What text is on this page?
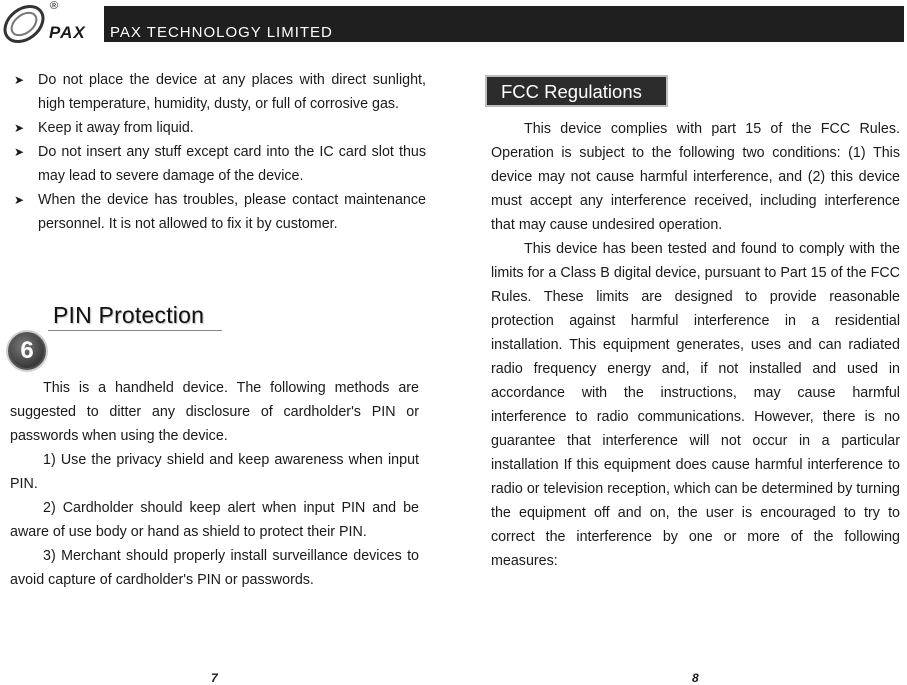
®
PAX PAX TECHNOLOGY LIMITED
➤ Do not place the device at any places with direct sunlight, high temperature, humidity, dusty, or full of corrosive gas.
➤ Keep it away from liquid.
➤ Do not insert any stuff except card into the IC card slot thus may lead to severe damage of the device.
➤ When the device has troubles, please contact maintenance personnel. It is not allowed to fix it by customer.
PIN Protection
6

This is a handheld device. The following methods are suggested to ditter any disclosure of cardholder's PIN or passwords when using the device.

1) Use the privacy shield and keep awareness when input PIN.

2) Cardholder should keep alert when input PIN and be aware of use body or hand as shield to protect their PIN.

3) Merchant should properly install surveillance devices to avoid capture of cardholder's PIN or passwords.

FCC Regulations

This device complies with part 15 of the FCC Rules. Operation is subject to the following two conditions: (1) This device may not cause harmful interference, and (2) this device must accept any interference received, including interference that may cause undesired operation.

This device has been tested and found to comply with the limits for a Class B digital device, pursuant to Part 15 of the FCC Rules. These limits are designed to provide reasonable protection against harmful interference in a residential installation. This equipment generates, uses and can radiated radio frequency energy and, if not installed and used in accordance with the instructions, may cause harmful interference to radio communications. However, there is no guarantee that interference will not occur in a particular installation If this equipment does cause harmful interference to radio or television reception, which can be determined by turning the equipment off and on, the user is encouraged to try to correct the interference by one or more of the following measures:

7	8
